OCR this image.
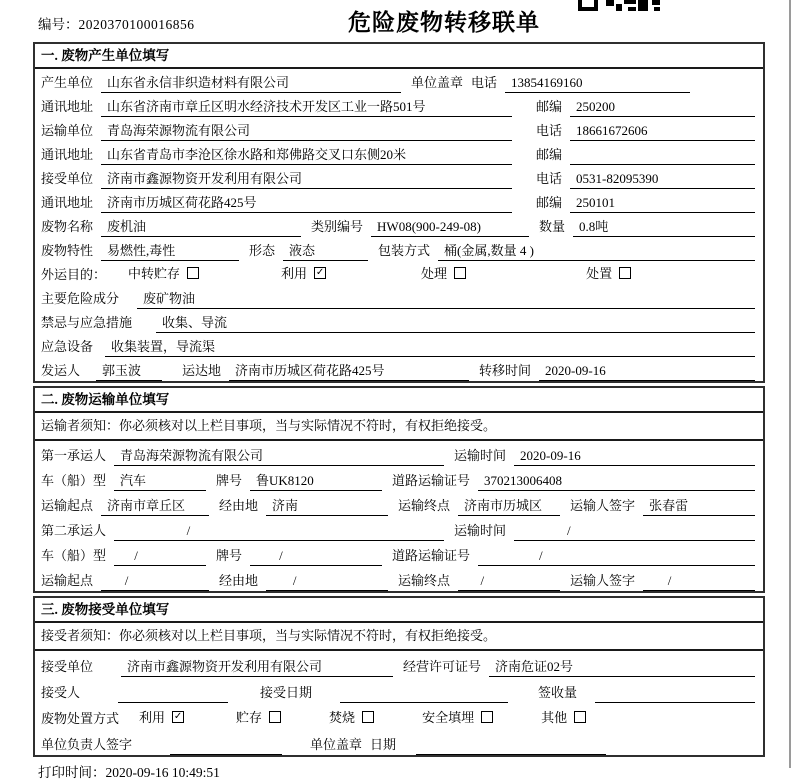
编号：2020370100016856	危险废物转移联单
一. 废物产生单位填写
产生单位	山东省永信非织造材料有限公司	单位盖章 电话	13854169160
通讯地址	山东省济南市章丘区明水经济技术开发区工业一路501号	邮编	250200
运输单位	青岛海荣源物流有限公司	电话	18661672606
通讯地址	山东省青岛市李沧区徐水路和郑佛路交叉口东侧20米	邮编
接受单位	济南市鑫源物资开发利用有限公司	电话	0531-82095390
通讯地址	济南市历城区荷花路425号	邮编	250101
废物名称	废机油	类别编号	HW08(900-249-08)	数量	0.8吨
废物特性	易燃性,毒性	形态	液态	包装方式	桶(金属,数量 4 )
外运目的： 中转贮存	利用 ✓	处理	处置
主要危险成分	废矿物油
禁忌与应急措施	收集、导流
应急设备	收集装置，导流渠
发运人	郭玉波	运达地	济南市历城区荷花路425号	转移时间	2020-09-16
二. 废物运输单位填写
运输者须知：你必须核对以上栏目事项，当与实际情况不符时，有权拒绝接受。
第一承运人	青岛海荣源物流有限公司	运输时间	2020-09-16
车（船）型	汽车	牌号	鲁UK8120	道路运输证号	370213006408
运输起点	济南市章丘区	经由地	济南	运输终点	济南市历城区	运输人签字	张春雷
第二承运人	/	运输时间	/
车（船）型	/	牌号	/	道路运输证号	/
运输起点	/	经由地	/	运输终点	/	运输人签字	/
三. 废物接受单位填写
接受者须知：你必须核对以上栏目事项，当与实际情况不符时，有权拒绝接受。
接受单位	济南市鑫源物资开发利用有限公司	经营许可证号	济南危证02号
接受人	接受日期	签收量
废物处置方式 利用 ✓	贮存	焚烧	安全填埋	其他
单位负责人签字	单位盖章 日期
打印时间：2020-09-16 10:49:51
